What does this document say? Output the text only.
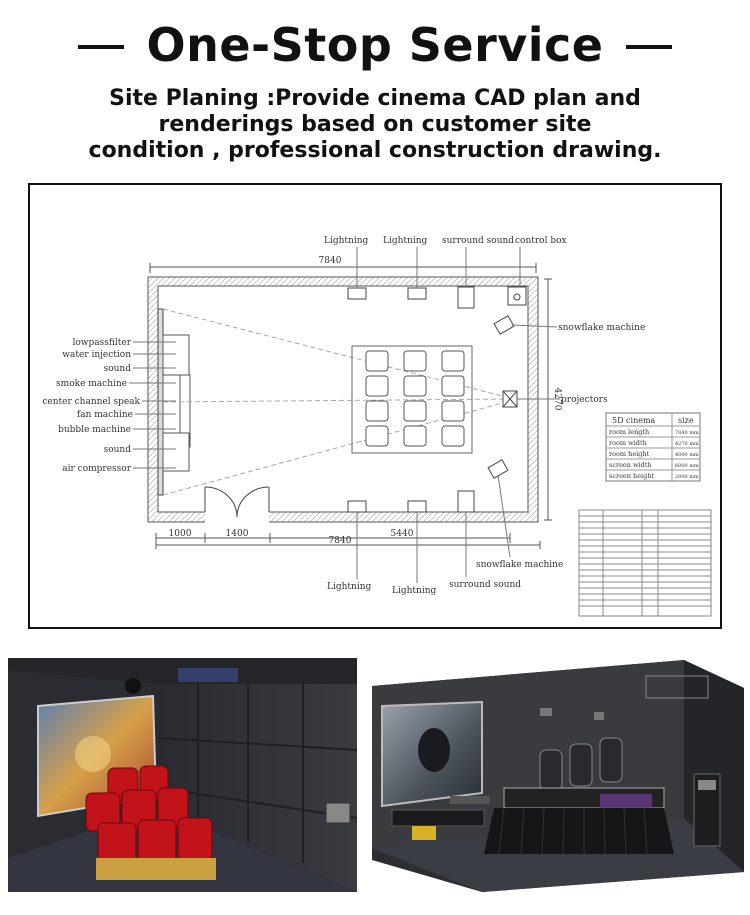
One-Stop Service
Site Planing :Provide cinema CAD plan and
renderings based on customer site
condition , professional construction drawing.
7840
4270
1000	1400	5440
7840
Lightning Lightning surround sound control box
snowflake machine
projectors
snowflake machine
lowpassfilter
water injection
sound
smoke machine
center channel speak
fan machine
bubble machine
sound
air compressor
Lightning Lightning
surround sound
5D cinema	size
room length	7840 mm
room width	4270 mm
room height	4000 mm
screen width	6000 mm
screen height	2800 mm
